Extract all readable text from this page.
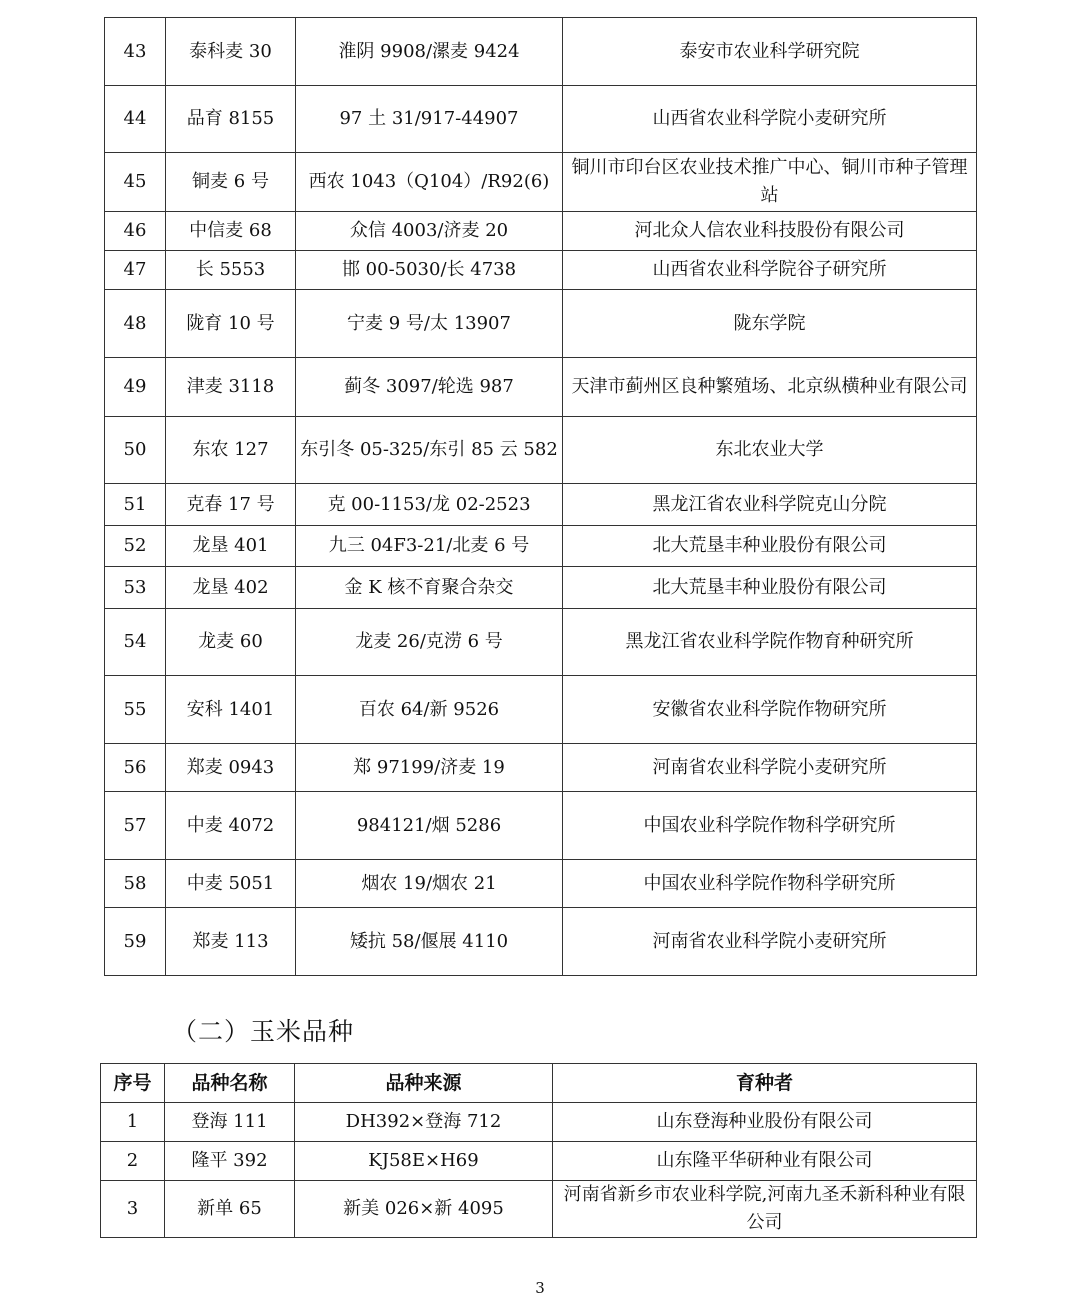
43	泰科麦 30	淮阴 9908/漯麦 9424	泰安市农业科学研究院
44	品育 8155	97 土 31/917-44907	山西省农业科学院小麦研究所
45	铜麦 6 号	西农 1043（Q104）/R92(6)	铜川市印台区农业技术推广中心、铜川市种子管理站
46	中信麦 68	众信 4003/济麦 20	河北众人信农业科技股份有限公司
47	长 5553	邯 00-5030/长 4738	山西省农业科学院谷子研究所
48	陇育 10 号	宁麦 9 号/太 13907	陇东学院
49	津麦 3118	蓟冬 3097/轮选 987	天津市蓟州区良种繁殖场、北京纵横种业有限公司
50	东农 127	东引冬 05-325/东引 85 云 582	东北农业大学
51	克春 17 号	克 00-1153/龙 02-2523	黑龙江省农业科学院克山分院
52	龙垦 401	九三 04F3-21/北麦 6 号	北大荒垦丰种业股份有限公司
53	龙垦 402	金 K 核不育聚合杂交	北大荒垦丰种业股份有限公司
54	龙麦 60	龙麦 26/克涝 6 号	黑龙江省农业科学院作物育种研究所
55	安科 1401	百农 64/新 9526	安徽省农业科学院作物研究所
56	郑麦 0943	郑 97199/济麦 19	河南省农业科学院小麦研究所
57	中麦 4072	984121/烟 5286	中国农业科学院作物科学研究所
58	中麦 5051	烟农 19/烟农 21	中国农业科学院作物科学研究所
59	郑麦 113	矮抗 58/偃展 4110	河南省农业科学院小麦研究所
（二）玉米品种
序号	品种名称	品种来源	育种者
1	登海 111	DH392×登海 712	山东登海种业股份有限公司
2	隆平 392	KJ58E×H69	山东隆平华研种业有限公司
3	新单 65	新美 026×新 4095	河南省新乡市农业科学院,河南九圣禾新科种业有限公司
3
